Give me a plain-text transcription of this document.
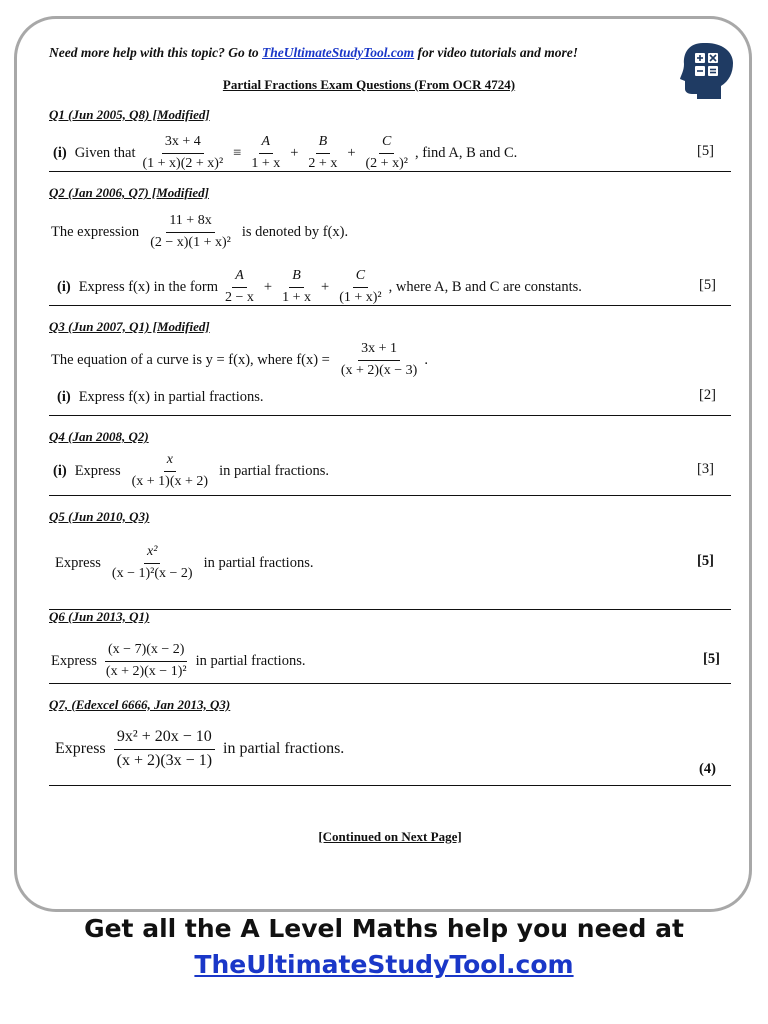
Need more help with this topic? Go to TheUltimateStudyTool.com for video tutorials and more!
Partial Fractions Exam Questions (From OCR 4724)
Q1 (Jun 2005, Q8) [Modified]
(i) Given that $\frac{3x + 4}{\text{(1 + x)(2 + x)²}} \equiv \frac{A}{1 + x} + \frac{B}{2 + x} + \frac{C}{\text{(2 + x)²}}$ , find A, B and C.	[5]
Q2 (Jan 2006, Q7) [Modified]
The expression $\frac{11 + 8x}{\text{(2 − x)(1 + x)²}}$ is denoted by f(x).
(i) Express f(x) in the form $\frac{A}{2 - x} + \frac{B}{1 + x} + \frac{C}{\text{(1 + x)²}}$ , where A, B and C are constants.	[5]
Q3 (Jun 2007, Q1) [Modified]
The equation of a curve is y = f(x), where $f(x) = \frac{3x + 1}{(x + 2)(x - 3)}$ .
(i) Express f(x) in partial fractions.	[2]
Q4 (Jan 2008, Q2)
(i) Express $\frac{x}{(x + 1)(x + 2)}$ in partial fractions.	[3]
Q5 (Jun 2010, Q3)
Express $\frac{\text{x²}}{\text{(x − 1)²(x − 2)}}$ in partial fractions.	[5]
Q6 (Jun 2013, Q1)
Express $\frac{(x - 7)(x - 2)}{\text{(x + 2)(x − 1)²}}$ in partial fractions.	[5]
Q7, (Edexcel 6666, Jan 2013, Q3)
Express $\frac{\text{9x² + 20x − 10}}{(x + 2)(3x - 1)}$ in partial fractions.
(4)
[Continued on Next Page]
Get all the A Level Maths help you need at
TheUltimateStudyTool.com
